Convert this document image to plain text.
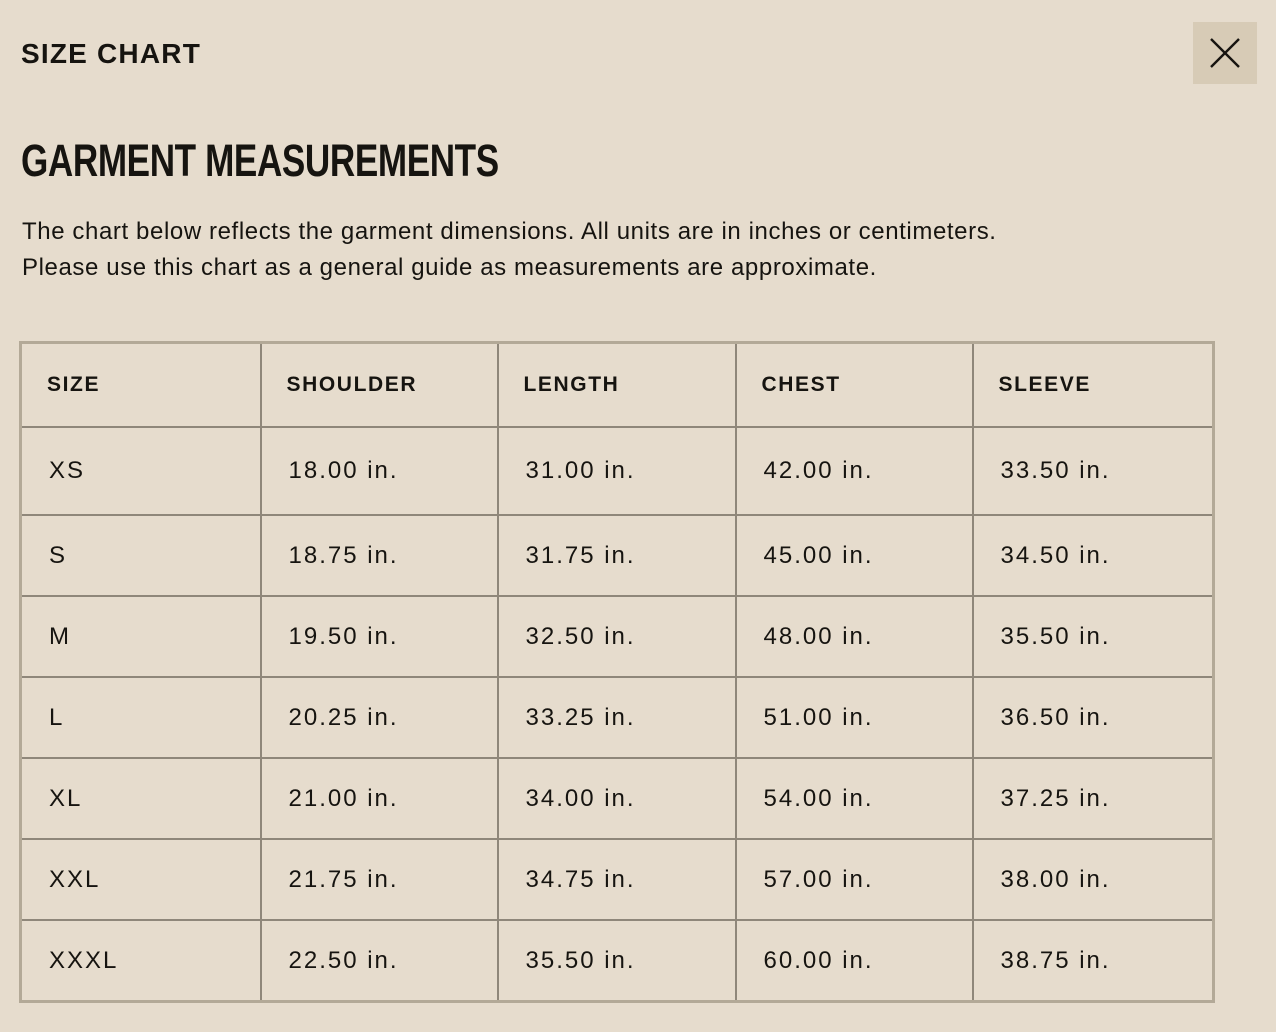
SIZE CHART
GARMENT MEASUREMENTS

The chart below reflects the garment dimensions. All units are in inches or centimeters.
Please use this chart as a general guide as measurements are approximate.

SIZE	SHOULDER	LENGTH	CHEST	SLEEVE
XS	18.00 in.	31.00 in.	42.00 in.	33.50 in.
S	18.75 in.	31.75 in.	45.00 in.	34.50 in.
M	19.50 in.	32.50 in.	48.00 in.	35.50 in.
L	20.25 in.	33.25 in.	51.00 in.	36.50 in.
XL	21.00 in.	34.00 in.	54.00 in.	37.25 in.
XXL	21.75 in.	34.75 in.	57.00 in.	38.00 in.
XXXL	22.50 in.	35.50 in.	60.00 in.	38.75 in.
